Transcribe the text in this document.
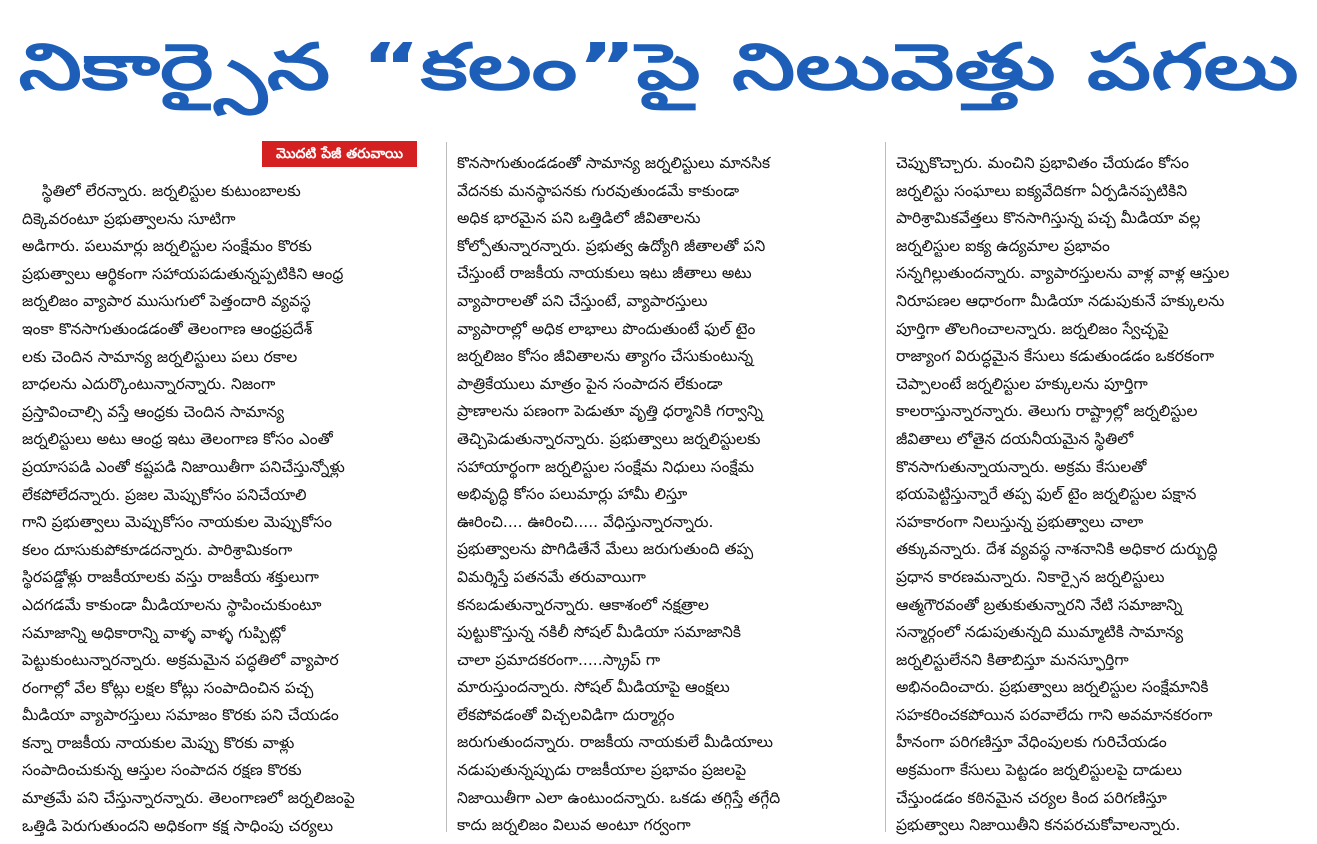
నికార్సైన “కలం”పై నిలువెత్తు పగలు
మొదటి పేజీ తరువాయి
స్థితిలో లేరన్నారు. జర్నలిస్టుల కుటుంబాలకు
దిక్కెవరంటూ ప్రభుత్వాలను సూటిగా
అడిగారు. పలుమార్లు జర్నలిస్టుల సంక్షేమం కొరకు
ప్రభుత్వాలు ఆర్థికంగా సహాయపడుతున్నప్పటికిని ఆంధ్ర
జర్నలిజం వ్యాపార ముసుగులో పెత్తందారి వ్యవస్థ
ఇంకా కొనసాగుతుండడంతో తెలంగాణ ఆంధ్రప్రదేశ్
లకు చెందిన సామాన్య జర్నలిస్టులు పలు రకాల
బాధలను ఎదుర్కొంటున్నారన్నారు. నిజంగా
ప్రస్తావించాల్సి వస్తే ఆంధ్రకు చెందిన సామాన్య
జర్నలిస్టులు అటు ఆంధ్ర ఇటు తెలంగాణ కోసం ఎంతో
ప్రయాసపడి ఎంతో కష్టపడి నిజాయితీగా పనిచేస్తున్నోళ్లు
లేకపోలేదన్నారు. ప్రజల మెప్పుకోసం పనిచేయాలి
గాని ప్రభుత్వాలు మెప్పుకోసం నాయకుల మెప్పుకోసం
కలం దూసుకుపోకూడదన్నారు. పారిశ్రామికంగా
స్థిరపడ్డోళ్లు రాజకీయాలకు వస్తు రాజకీయ శక్తులుగా
ఎదగడమే కాకుండా మీడియాలను స్థాపించుకుంటూ
సమాజాన్ని అధికారాన్ని వాళ్ళ వాళ్ళ గుప్పిట్లో
పెట్టుకుంటున్నారన్నారు. అక్రమమైన పద్ధతిలో వ్యాపార
రంగాల్లో వేల కోట్లు లక్షల కోట్లు సంపాదించిన పచ్చ
మీడియా వ్యాపారస్తులు సమాజం కొరకు పని చేయడం
కన్నా రాజకీయ నాయకుల మెప్పు కొరకు వాళ్లు
సంపాదించుకున్న ఆస్తుల సంపాదన రక్షణ కొరకు
మాత్రమే పని చేస్తున్నారన్నారు. తెలంగాణలో జర్నలిజంపై
ఒత్తిడి పెరుగుతుందని అధికంగా కక్ష సాధింపు చర్యలు
కొనసాగుతుండడంతో సామాన్య జర్నలిస్టులు మానసిక
వేదనకు మనస్థాపనకు గురవుతుండమే కాకుండా
అధిక భారమైన పని ఒత్తిడిలో జీవితాలను
కోల్పోతున్నారన్నారు. ప్రభుత్వ ఉద్యోగి జీతాలతో పని
చేస్తుంటే రాజకీయ నాయకులు ఇటు జీతాలు అటు
వ్యాపారాలతో పని చేస్తుంటే, వ్యాపారస్తులు
వ్యాపారాల్లో అధిక లాభాలు పొందుతుంటే ఫుల్ టైం
జర్నలిజం కోసం జీవితాలను త్యాగం చేసుకుంటున్న
పాత్రికేయులు మాత్రం పైన సంపాదన లేకుండా
ప్రాణాలను పణంగా పెడుతూ వృత్తి ధర్మానికి గర్వాన్ని
తెచ్చిపెడుతున్నారన్నారు. ప్రభుత్వాలు జర్నలిస్టులకు
సహాయార్థంగా జర్నలిస్టుల సంక్షేమ నిధులు సంక్షేమ
అభివృద్ధి కోసం పలుమార్లు హామీ లిస్తూ
ఊరించి.... ఊరించి..... వేధిస్తున్నారన్నారు.
ప్రభుత్వాలను పొగిడితేనే మేలు జరుగుతుంది తప్ప
విమర్శిస్తే పతనమే తరువాయిగా
కనబడుతున్నారన్నారు. ఆకాశంలో నక్షత్రాల
పుట్టుకొస్తున్న నకిలీ సోషల్ మీడియా సమాజానికి
చాలా ప్రమాదకరంగా.....స్క్రాప్ గా
మారుస్తుందన్నారు. సోషల్ మీడియాపై ఆంక్షలు
లేకపోవడంతో విచ్చలవిడిగా దుర్మార్గం
జరుగుతుందన్నారు. రాజకీయ నాయకులే మీడియాలు
నడుపుతున్నప్పుడు రాజకీయాల ప్రభావం ప్రజలపై
నిజాయితీగా ఎలా ఉంటుందన్నారు. ఒకడు తగ్గిస్తే తగ్గేది
కాదు జర్నలిజం విలువ అంటూ గర్వంగా
చెప్పుకొచ్చారు. మంచిని ప్రభావితం చేయడం కోసం
జర్నలిస్టు సంఘాలు ఐక్యవేదికగా ఏర్పడినప్పటికిని
పారిశ్రామికవేత్తలు కొనసాగిస్తున్న పచ్చ మీడియా వల్ల
జర్నలిస్టుల ఐక్య ఉద్యమాల ప్రభావం
సన్నగిల్లుతుందన్నారు. వ్యాపారస్తులను వాళ్ల వాళ్ల ఆస్తుల
నిరూపణల ఆధారంగా మీడియా నడుపుకునే హక్కులను
పూర్తిగా తొలగించాలన్నారు. జర్నలిజం స్వేచ్ఛపై
రాజ్యాంగ విరుద్ధమైన కేసులు కడుతుండడం ఒకరకంగా
చెప్పాలంటే జర్నలిస్టుల హక్కులను పూర్తిగా
కాలరాస్తున్నారన్నారు. తెలుగు రాష్ట్రాల్లో జర్నలిస్టుల
జీవితాలు లోతైన దయనీయమైన స్థితిలో
కొనసాగుతున్నాయన్నారు. అక్రమ కేసులతో
భయపెట్టిస్తున్నారే తప్ప ఫుల్ టైం జర్నలిస్టుల పక్షాన
సహకారంగా నిలుస్తున్న ప్రభుత్వాలు చాలా
తక్కువన్నారు. దేశ వ్యవస్థ నాశనానికి అధికార దుర్బుద్ధి
ప్రధాన కారణమన్నారు. నికార్సైన జర్నలిస్టులు
ఆత్మగౌరవంతో బ్రతుకుతున్నారని నేటి సమాజాన్ని
సన్మార్గంలో నడుపుతున్నది ముమ్మాటికి సామాన్య
జర్నలిస్టులేనని కితాబిస్తూ మనస్ఫూర్తిగా
అభినందించారు. ప్రభుత్వాలు జర్నలిస్టుల సంక్షేమానికి
సహకరించకపోయిన పరవాలేదు గాని అవమానకరంగా
హీనంగా పరిగణిస్తూ వేధింపులకు గురిచేయడం
అక్రమంగా కేసులు పెట్టడం జర్నలిస్టులపై దాడులు
చేస్తుండడం కఠినమైన చర్యల కింద పరిగణిస్తూ
ప్రభుత్వాలు నిజాయితీని కనపరచుకోవాలన్నారు.
